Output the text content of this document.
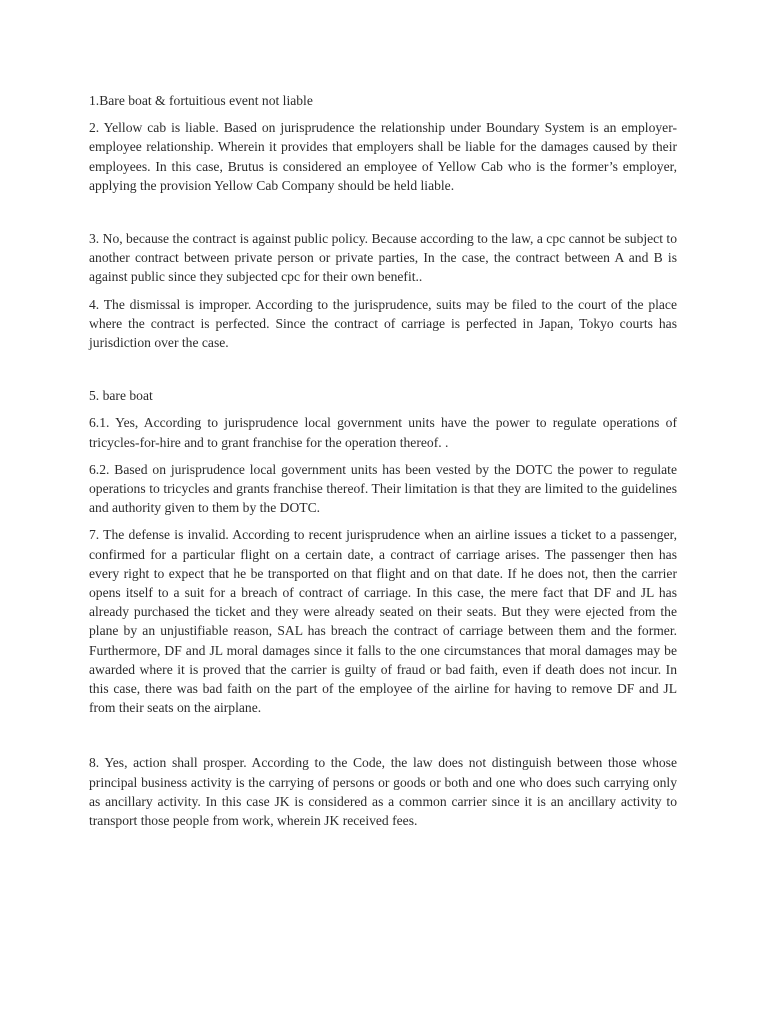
1.Bare boat & fortuitious event not liable

2. Yellow cab is liable. Based on jurisprudence the relationship under Boundary System is an employer-employee relationship. Wherein it provides that employers shall be liable for the damages caused by their employees. In this case, Brutus is considered an employee of Yellow Cab who is the former’s employer, applying the provision Yellow Cab Company should be held liable.

3. No, because the contract is against public policy. Because according to the law, a cpc cannot be subject to another contract between private person or private parties, In the case, the contract between A and B is against public since they subjected cpc for their own benefit..

4. The dismissal is improper. According to the jurisprudence, suits may be filed to the court of the place where the contract is perfected. Since the contract of carriage is perfected in Japan, Tokyo courts has jurisdiction over the case.

5. bare boat

6.1. Yes, According to jurisprudence local government units have the power to regulate operations of tricycles-for-hire and to grant franchise for the operation thereof. .

6.2. Based on jurisprudence local government units has been vested by the DOTC the power to regulate operations to tricycles and grants franchise thereof. Their limitation is that they are limited to the guidelines and authority given to them by the DOTC.

7. The defense is invalid. According to recent jurisprudence when an airline issues a ticket to a passenger, confirmed for a particular flight on a certain date, a contract of carriage arises. The passenger then has every right to expect that he be transported on that flight and on that date. If he does not, then the carrier opens itself to a suit for a breach of contract of carriage. In this case, the mere fact that DF and JL has already purchased the ticket and they were already seated on their seats. But they were ejected from the plane by an unjustifiable reason, SAL has breach the contract of carriage between them and the former. Furthermore, DF and JL moral damages since it falls to the one circumstances that moral damages may be awarded where it is proved that the carrier is guilty of fraud or bad faith, even if death does not incur. In this case, there was bad faith on the part of the employee of the airline for having to remove DF and JL from their seats on the airplane.

8. Yes, action shall prosper. According to the Code, the law does not distinguish between those whose principal business activity is the carrying of persons or goods or both and one who does such carrying only as ancillary activity. In this case JK is considered as a common carrier since it is an ancillary activity to transport those people from work, wherein JK received fees.
